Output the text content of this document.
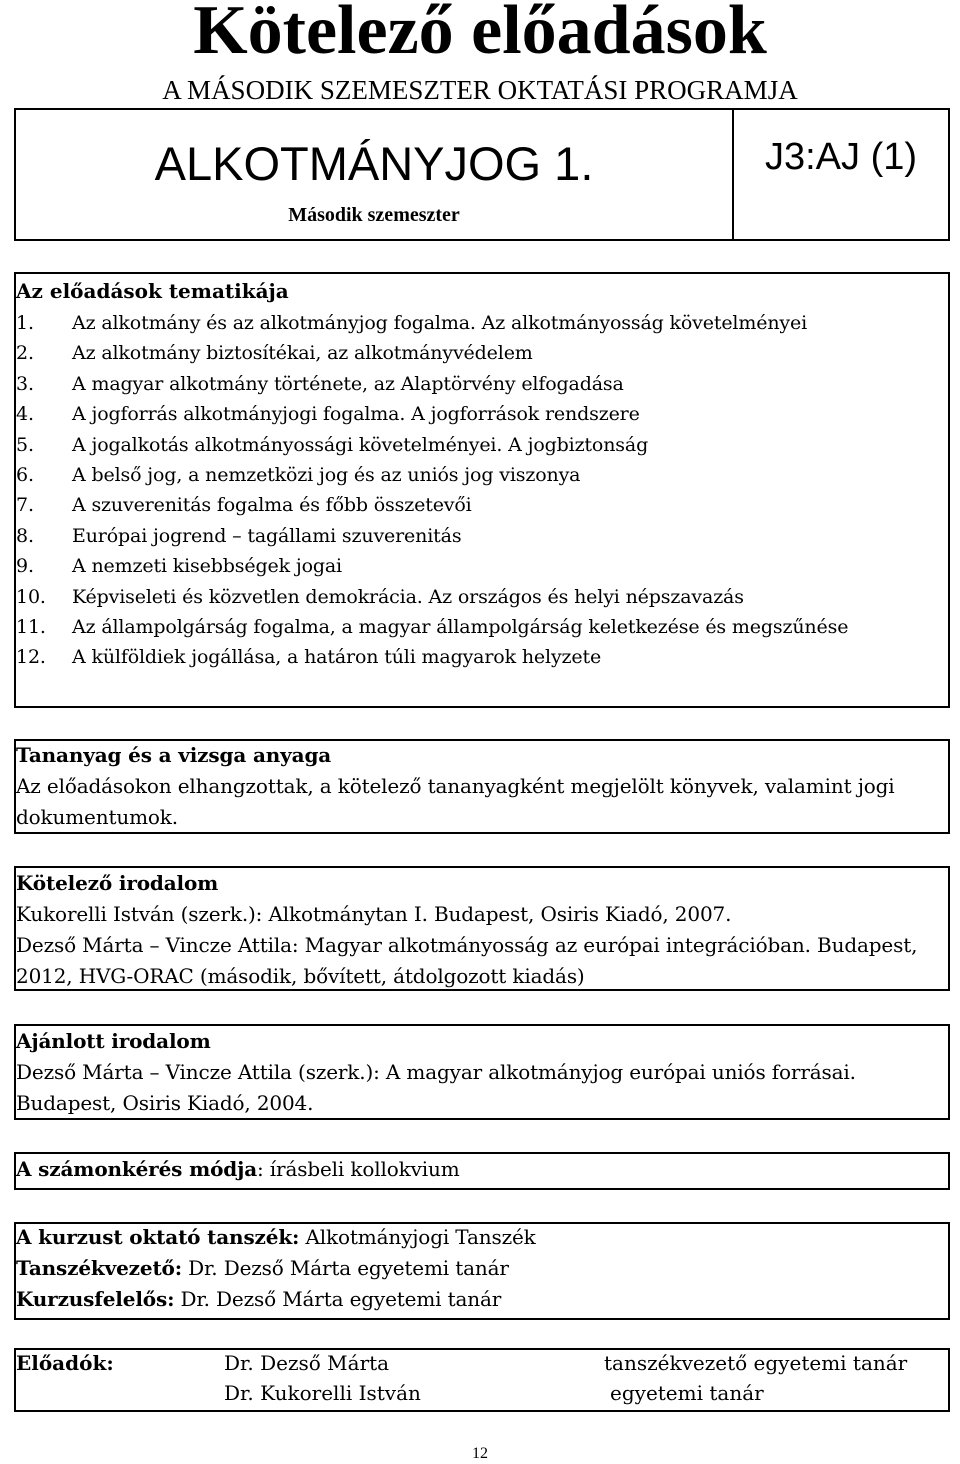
Kötelező előadások
A MÁSODIK SZEMESZTER OKTATÁSI PROGRAMJA
ALKOTMÁNYJOG 1.
Második szemeszter
J3:AJ (1)
Az előadások tematikája
1.	Az alkotmány és az alkotmányjog fogalma. Az alkotmányosság követelményei
2.	Az alkotmány biztosítékai, az alkotmányvédelem
3.	A magyar alkotmány története, az Alaptörvény elfogadása
4.	A jogforrás alkotmányjogi fogalma. A jogforrások rendszere
5.	A jogalkotás alkotmányossági követelményei. A jogbiztonság
6.	A belső jog, a nemzetközi jog és az uniós jog viszonya
7.	A szuverenitás fogalma és főbb összetevői
8.	Európai jogrend – tagállami szuverenitás
9.	A nemzeti kisebbségek jogai
10.	Képviseleti és közvetlen demokrácia. Az országos és helyi népszavazás
11.	Az állampolgárság fogalma, a magyar állampolgárság keletkezése és megszűnése
12.	A külföldiek jogállása, a határon túli magyarok helyzete
Tananyag és a vizsga anyaga
Az előadásokon elhangzottak, a kötelező tananyagként megjelölt könyvek, valamint jogi dokumentumok.
Kötelező irodalom
Kukorelli István (szerk.): Alkotmánytan I. Budapest, Osiris Kiadó, 2007.
Dezső Márta – Vincze Attila: Magyar alkotmányosság az európai integrációban. Budapest, 2012, HVG-ORAC (második, bővített, átdolgozott kiadás)
Ajánlott irodalom
Dezső Márta – Vincze Attila (szerk.): A magyar alkotmányjog európai uniós forrásai. Budapest, Osiris Kiadó, 2004.
A számonkérés módja: írásbeli kollokvium
A kurzust oktató tanszék: Alkotmányjogi Tanszék
Tanszékvezető: Dr. Dezső Márta egyetemi tanár
Kurzusfelelős: Dr. Dezső Márta egyetemi tanár
Előadók:	Dr. Dezső Márta	tanszékvezető egyetemi tanár
Dr. Kukorelli István	egyetemi tanár
12
